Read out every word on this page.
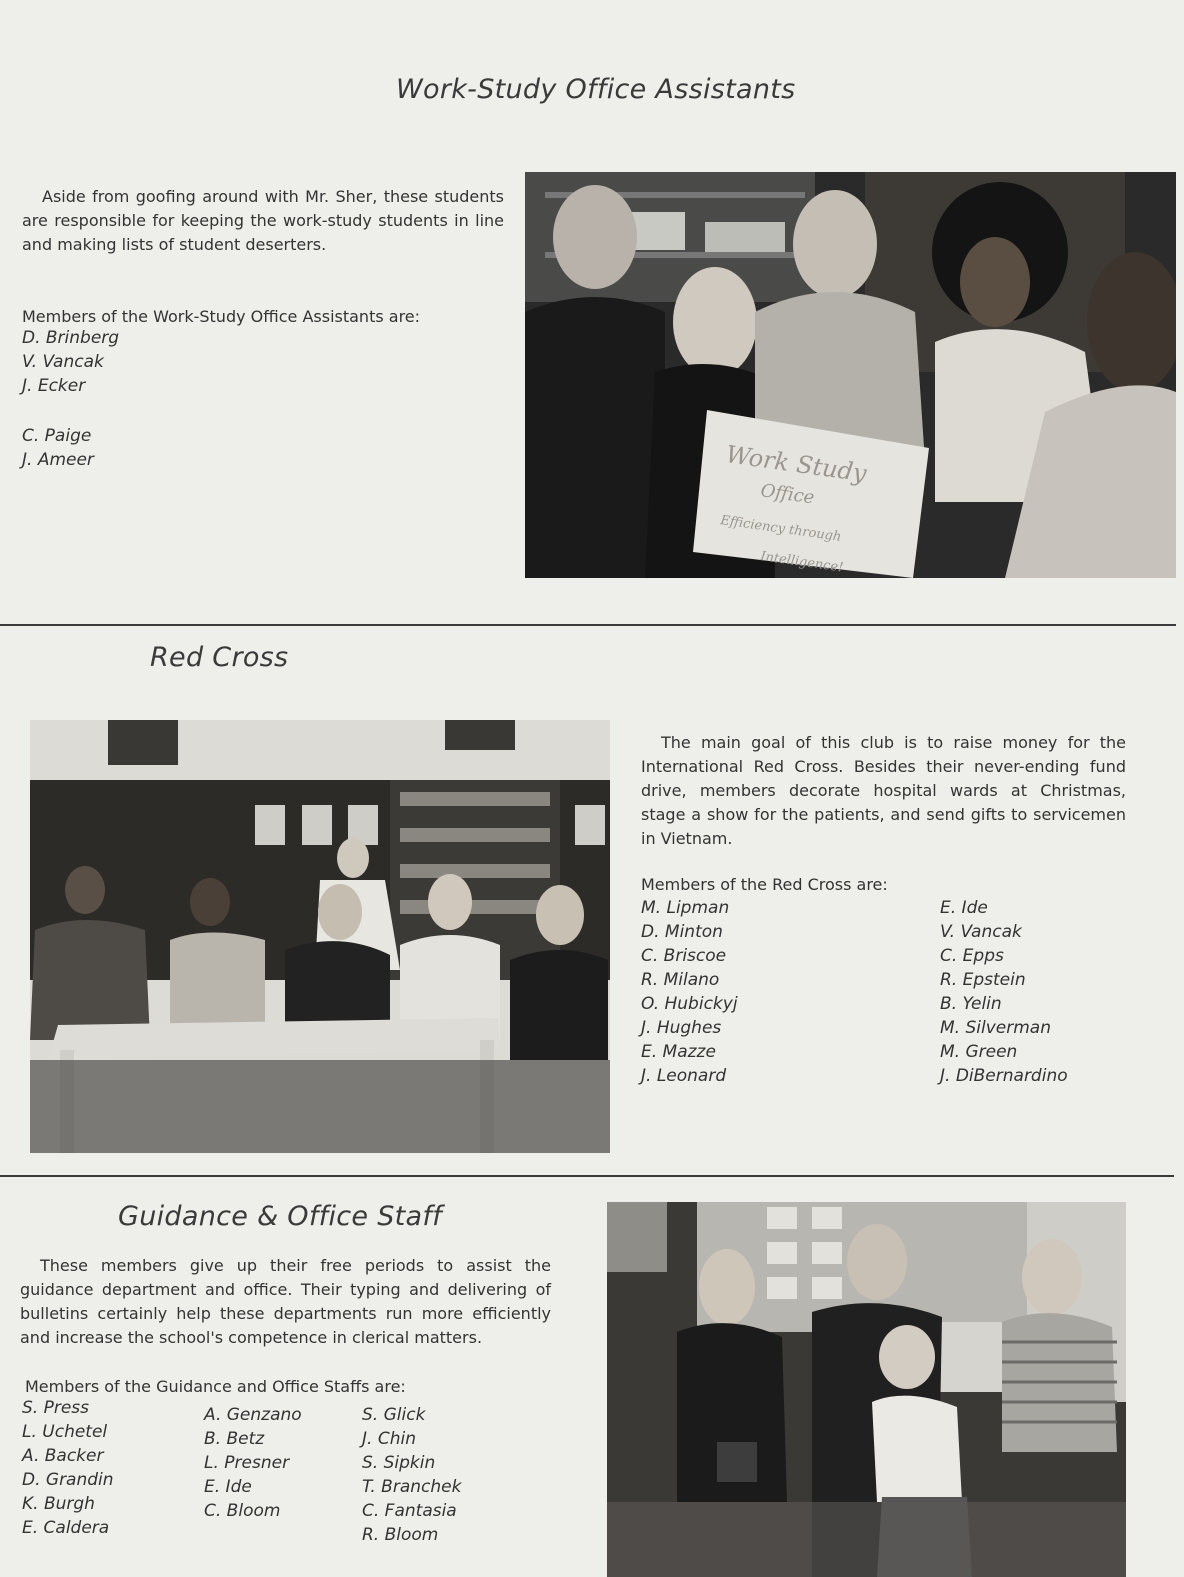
Work-Study Office Assistants

Aside from goofing around with Mr. Sher, these students are responsible for keeping the work-study students in line and making lists of student deserters.

Members of the Work-Study Office Assistants are:
D. Brinberg
V. Vancak
J. Ecker
C. Paige
J. Ameer	Work Study
Office
Efficiency through
Intelligence!
Red Cross

The main goal of this club is to raise money for the International Red Cross. Besides their never-ending fund drive, members decorate hospital wards at Christmas, stage a show for the patients, and send gifts to servicemen in Vietnam.

Members of the Red Cross are:
M. Lipman
D. Minton
C. Briscoe
R. Milano
O. Hubickyj
J. Hughes
E. Mazze
J. Leonard
E. Ide
V. Vancak
C. Epps
R. Epstein
B. Yelin
M. Silverman
M. Green
J. DiBernardino
Guidance & Office Staff

These members give up their free periods to assist the guidance department and office. Their typing and delivering of bulletins certainly help these departments run more efficiently and increase the school's competence in clerical matters.

Members of the Guidance and Office Staffs are:
S. Press
L. Uchetel
A. Backer
D. Grandin
K. Burgh
E. Caldera
A. Genzano
B. Betz
L. Presner
E. Ide
C. Bloom
S. Glick
J. Chin
S. Sipkin
T. Branchek
C. Fantasia
R. Bloom
